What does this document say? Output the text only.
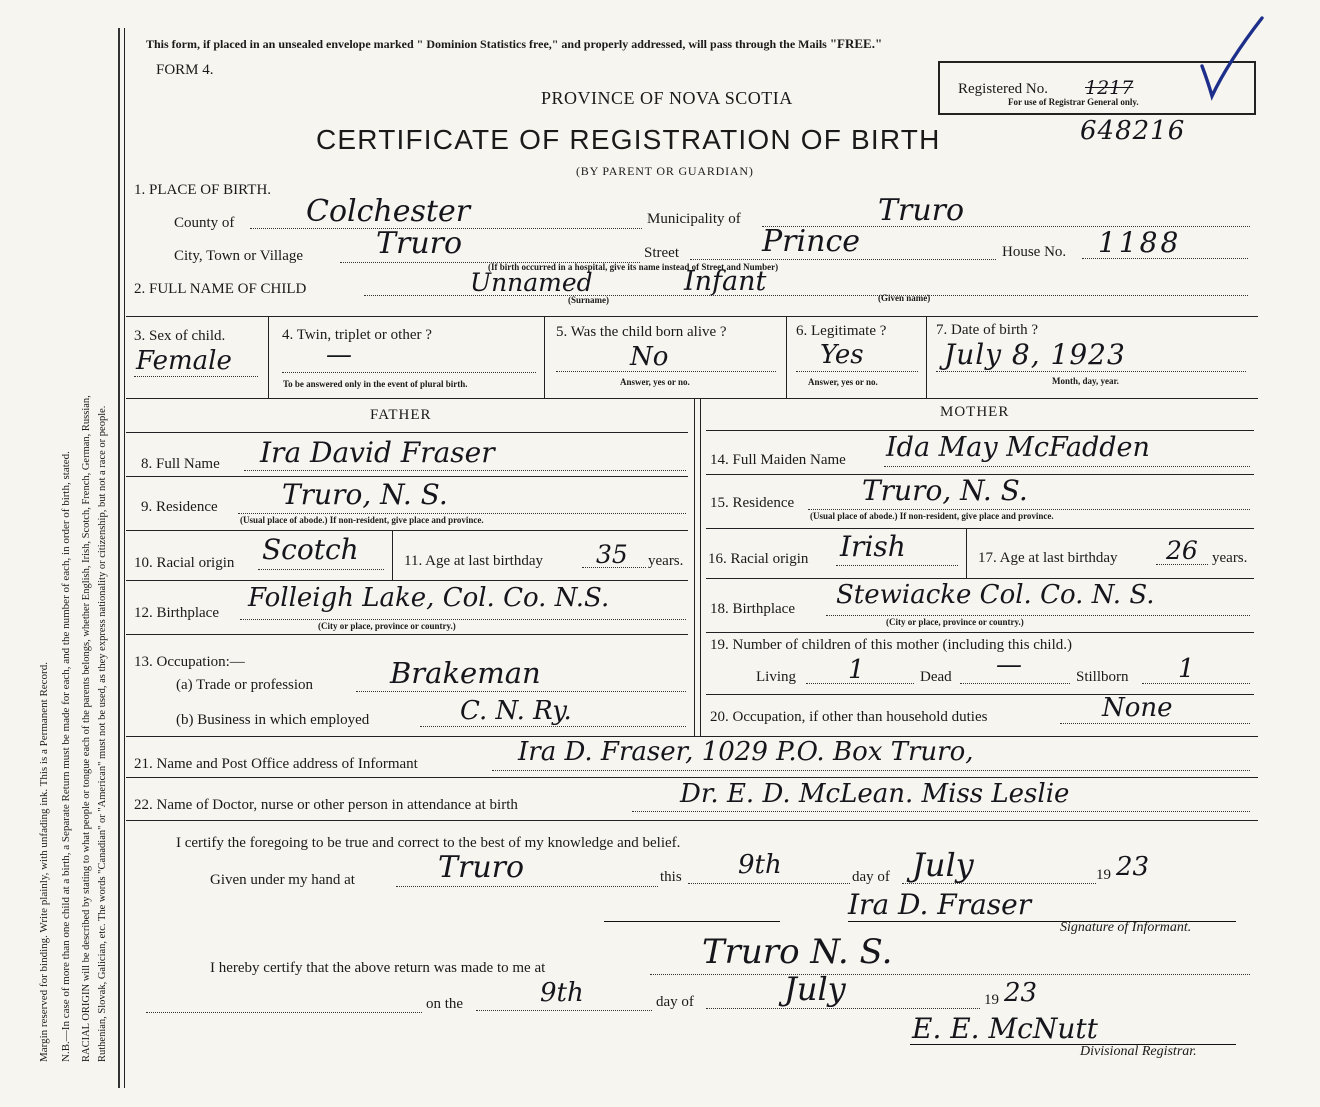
Margin reserved for binding. Write plainly, with unfading ink. This is a Permanent Record. N.B.—In case of more than one child at a birth, a Separate Return must be made for each, and the number of each, in order of birth, stated. RACIAL ORIGIN will be described by stating to what people or tongue each of the parents belongs, whether English, Irish, Scotch, French, German, Russian, Ruthenian, Slovak, Galician, etc. The words "Canadian" or "American" must not be used, as they express nationality or citizenship, but not a race or people.
This form, if placed in an unsealed envelope marked " Dominion Statistics free," and properly addressed, will pass through the Mails "FREE."
FORM 4.
PROVINCE OF NOVA SCOTIA
CERTIFICATE OF REGISTRATION OF BIRTH
(BY PARENT OR GUARDIAN)
Registered No. 1217
For use of Registrar General only.
648216
1. PLACE OF BIRTH.
County of Colchester	Municipality of	Truro
City, Town or Village Truro	Street	Prince	House No. 1188
(If birth occurred in a hospital, give its name instead of Street and Number)
2. FULL NAME OF CHILD	Unnamed	Infant
(Surname)	(Given name)
3. Sex of child.
Female
4. Twin, triplet or other ?
—
To be answered only in the event of plural birth.
5. Was the child born alive ?
No
Answer, yes or no.
6. Legitimate ?
Yes
Answer, yes or no.
7. Date of birth ?
July 8, 1923
Month, day, year.
FATHER	MOTHER
8. Full Name Ira David Fraser
9. Residence Truro, N. S.
(Usual place of abode.) If non-resident, give place and province.
10. Racial origin Scotch	11. Age at last birthday 35 years.
12. Birthplace Folleigh Lake, Col. Co. N.S.
(City or place, province or country.)
13. Occupation:—
(a) Trade or profession	Brakeman
(b) Business in which employed	C. N. Ry.
14. Full Maiden Name Ida May McFadden
15. Residence Truro, N. S.
(Usual place of abode.) If non-resident, give place and province.
16. Racial origin Irish	17. Age at last birthday 26 years.
18. Birthplace Stewiacke Col. Co. N. S.
(City or place, province or country.)
19. Number of children of this mother (including this child.)
Living 1	Dead —	Stillborn 1
20. Occupation, if other than household duties	None
21. Name and Post Office address of Informant	Ira D. Fraser, 1029 P.O. Box Truro,
22. Name of Doctor, nurse or other person in attendance at birth	Dr. E. D. McLean. Miss Leslie
I certify the foregoing to be true and correct to the best of my knowledge and belief.
Given under my hand at	Truro	this 9th	day of July	19 23
Ira D. Fraser
Signature of Informant.
I hereby certify that the above return was made to me at	Truro N. S.
on the	9th	day of	July	19 23
E. E. McNutt
Divisional Registrar.
